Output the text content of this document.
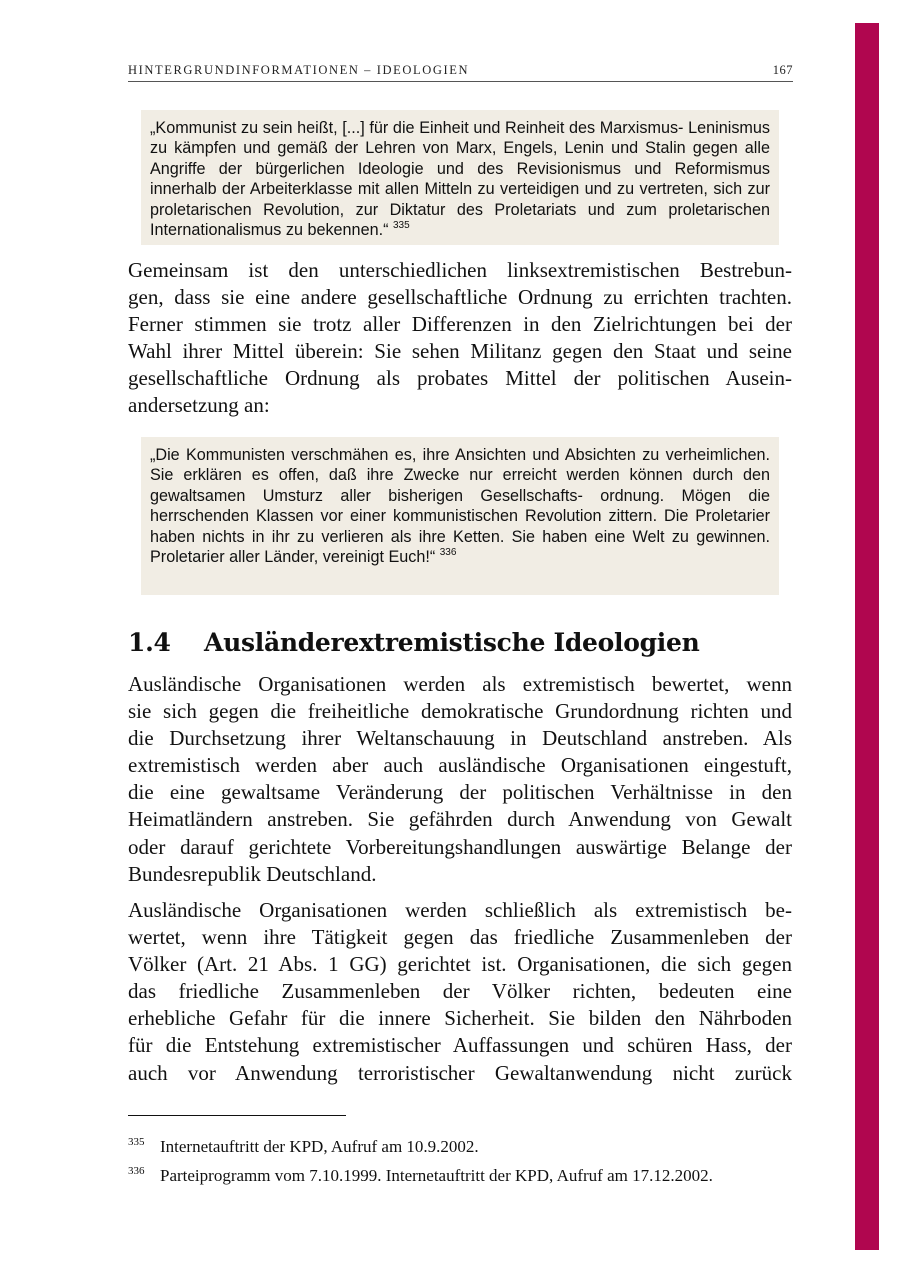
HINTERGRUNDINFORMATIONEN – IDEOLOGIEN	167
„Kommunist zu sein heißt, [...] für die Einheit und Reinheit des Marxismus- Leninismus zu kämpfen und gemäß der Lehren von Marx, Engels, Lenin und Stalin gegen alle Angriffe der bürgerlichen Ideologie und des Revisionismus und Reformismus innerhalb der Arbeiterklasse mit allen Mitteln zu verteidigen und zu vertreten, sich zur proletarischen Revolution, zur Diktatur des Proletariats und zum proletarischen Internationalismus zu bekennen.“ $^{335}$

Gemeinsam ist den unterschiedlichen linksextremistischen Bestrebun-
gen, dass sie eine andere gesellschaftliche Ordnung zu errichten trachten.
Ferner stimmen sie trotz aller Differenzen in den Zielrichtungen bei der
Wahl ihrer Mittel überein: Sie sehen Militanz gegen den Staat und seine
gesellschaftliche Ordnung als probates Mittel der politischen Ausein-
andersetzung an:

„Die Kommunisten verschmähen es, ihre Ansichten und Absichten zu verheimlichen. Sie erklären es offen, daß ihre Zwecke nur erreicht werden können durch den gewaltsamen Umsturz aller bisherigen Gesellschafts- ordnung. Mögen die herrschenden Klassen vor einer kommunistischen Revolution zittern. Die Proletarier haben nichts in ihr zu verlieren als ihre Ketten. Sie haben eine Welt zu gewinnen. Proletarier aller Länder, vereinigt Euch!“ $^{336}$
1.4 Ausländerextremistische Ideologien

Ausländische Organisationen werden als extremistisch bewertet, wenn
sie sich gegen die freiheitliche demokratische Grundordnung richten und
die Durchsetzung ihrer Weltanschauung in Deutschland anstreben. Als
extremistisch werden aber auch ausländische Organisationen eingestuft,
die eine gewaltsame Veränderung der politischen Verhältnisse in den
Heimatländern anstreben. Sie gefährden durch Anwendung von Gewalt
oder darauf gerichtete Vorbereitungshandlungen auswärtige Belange der
Bundesrepublik Deutschland.

Ausländische Organisationen werden schließlich als extremistisch be-
wertet, wenn ihre Tätigkeit gegen das friedliche Zusammenleben der
Völker (Art. 21 Abs. 1 GG) gerichtet ist. Organisationen, die sich gegen
das friedliche Zusammenleben der Völker richten, bedeuten eine
erhebliche Gefahr für die innere Sicherheit. Sie bilden den Nährboden
für die Entstehung extremistischer Auffassungen und schüren Hass, der
auch vor Anwendung terroristischer Gewaltanwendung nicht zurück

335 Internetauftritt der KPD, Aufruf am 10.9.2002.
336 Parteiprogramm vom 7.10.1999. Internetauftritt der KPD, Aufruf am 17.12.2002.
